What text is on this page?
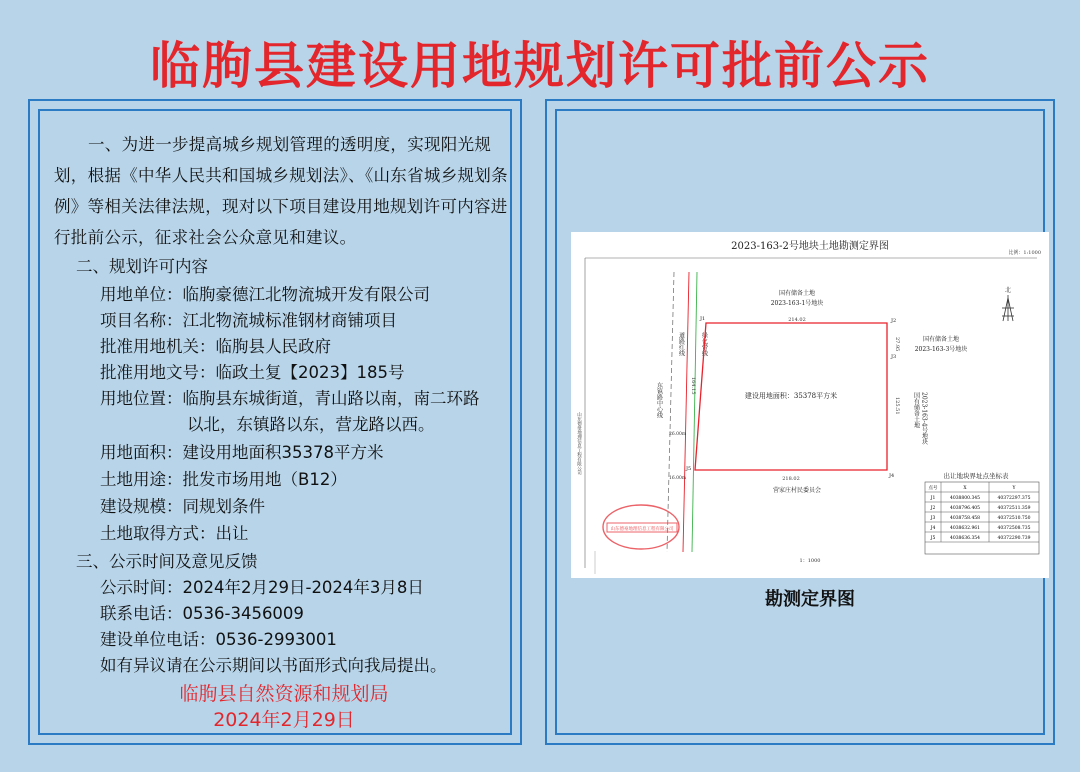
临朐县建设用地规划许可批前公示
一、为进一步提高城乡规划管理的透明度，实现阳光规划，根据《中华人民共和国城乡规划法》、《山东省城乡规划条例》等相关法律法规，现对以下项目建设用地规划许可内容进行批前公示，征求社会公众意见和建议。
二、规划许可内容
用地单位：临朐豪德江北物流城开发有限公司
项目名称：江北物流城标准钢材商铺项目
批准用地机关：临朐县人民政府
批准用地文号：临政土复【2023】185号
用地位置：临朐县东城街道，青山路以南，南二环路
以北，东镇路以东，营龙路以西。
用地面积：建设用地面积35378平方米
土地用途：批发市场用地（B12）
建设规模：同规划条件
土地取得方式：出让
三、公示时间及意见反馈
公示时间：2024年2月29日-2024年3月8日
联系电话：0536-3456009
建设单位电话：0536-2993001
如有异议请在公示期间以书面形式向我局提出。
临朐县自然资源和规划局
2024年2月29日
2023-163-2号地块土地勘测定界图
比例：1:1000
东镇路中心线
道路红线	绿化带线
建设用地面积：35378平方米
214.02
218.02
125.51
27.95
164.15
26.00m
16.00m
J1	J2
J3
J4
J5
国有储备土地
2023-163-1号地块
国有储备土地
2023-163-3号地块
国有储备土地 2023-163-4号地块
营家庄村民委员会
北
山东德豪地理信息工程有限公司
山东德豪地理信息工程有限公司
1：1000
出让地块界址点坐标表
点号	X	Y
J1	4038800.345	40372297.375
J2	4038796.405	40372511.359
J3	4038758.458	40372510.750
J4	4038632.961	40372508.735
J5	4038636.354	40372290.739
勘测定界图
